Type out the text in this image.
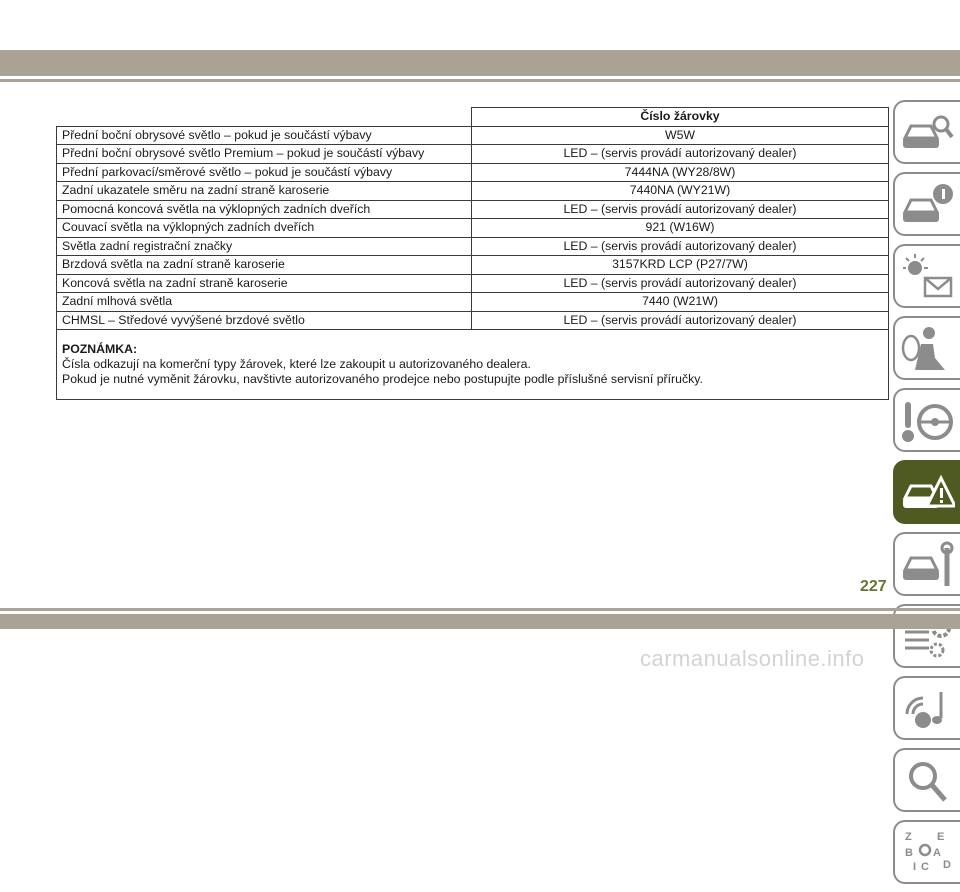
	Číslo žárovky
Přední boční obrysové světlo – pokud je součástí výbavy	W5W
Přední boční obrysové světlo Premium – pokud je součástí výbavy	LED – (servis provádí autorizovaný dealer)
Přední parkovací/směrové světlo – pokud je součástí výbavy	7444NA (WY28/8W)
Zadní ukazatele směru na zadní straně karoserie	7440NA (WY21W)
Pomocná koncová světla na výklopných zadních dveřích	LED – (servis provádí autorizovaný dealer)
Couvací světla na výklopných zadních dveřích	921 (W16W)
Světla zadní registrační značky	LED – (servis provádí autorizovaný dealer)
Brzdová světla na zadní straně karoserie	3157KRD LCP (P27/7W)
Koncová světla na zadní straně karoserie	LED – (servis provádí autorizovaný dealer)
Zadní mlhová světla	7440 (W21W)
CHMSL – Středové vyvýšené brzdové světlo	LED – (servis provádí autorizovaný dealer)

POZNÁMKA:
Čísla odkazují na komerční typy žárovek, které lze zakoupit u autorizovaného dealera.
Pokud je nutné vyměnit žárovku, navštivte autorizovaného prodejce nebo postupujte podle příslušné servisní příručky.	
Z E
B A
I C D
227
carmanualsonline.info
